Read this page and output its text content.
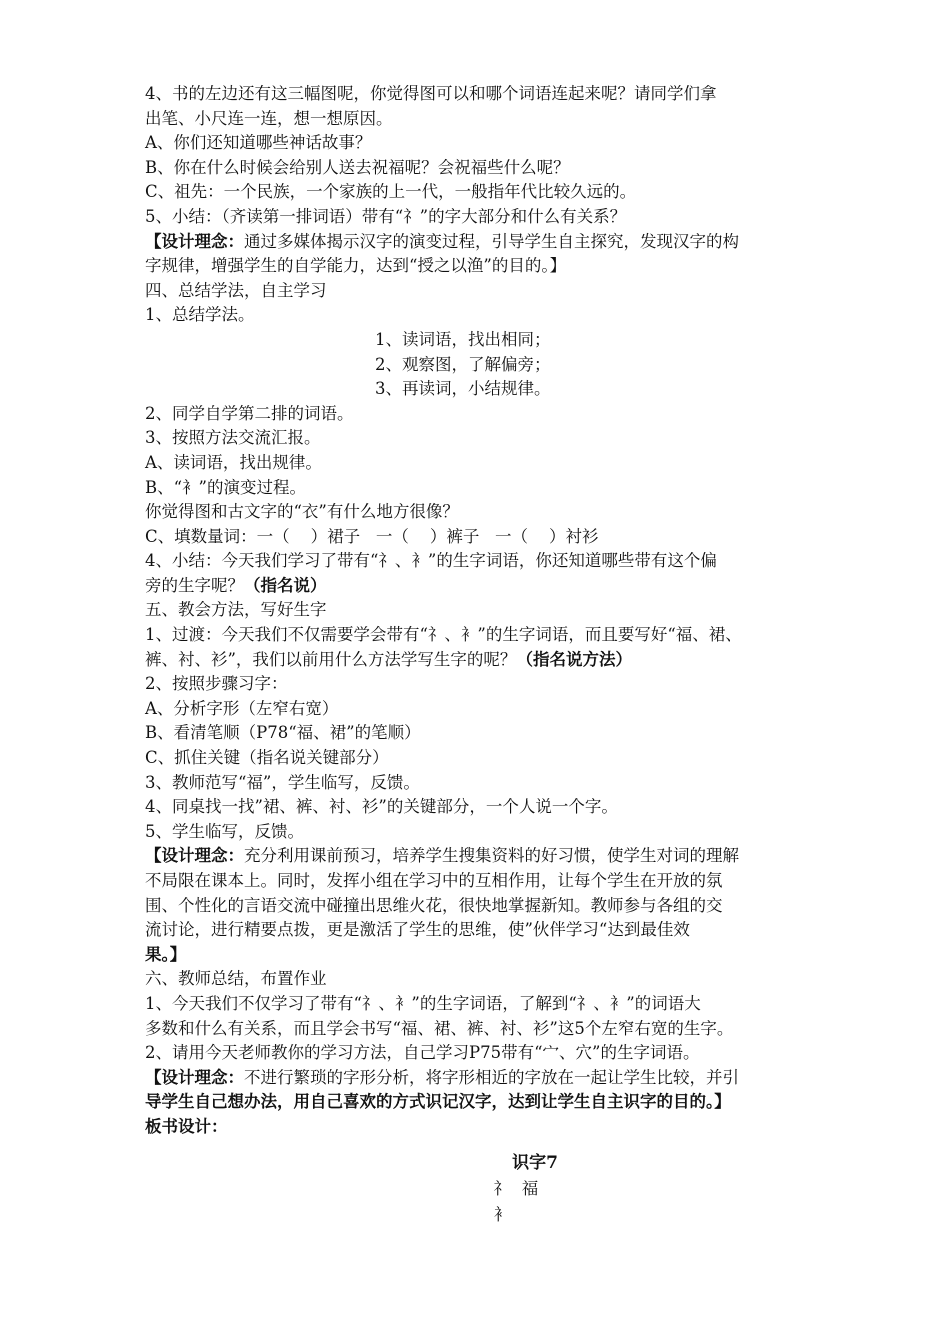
4、书的左边还有这三幅图呢，你觉得图可以和哪个词语连起来呢？请同学们拿
出笔、小尺连一连，想一想原因。
A、你们还知道哪些神话故事？
B、你在什么时候会给别人送去祝福呢？会祝福些什么呢？
C、祖先：一个民族，一个家族的上一代，一般指年代比较久远的。
5、小结：（齐读第一排词语）带有“礻”的字大部分和什么有关系？
【设计理念：通过多媒体揭示汉字的演变过程，引导学生自主探究，发现汉字的构
字规律，增强学生的自学能力，达到“授之以渔”的目的。】
四、总结学法，自主学习
1、总结学法。
1、读词语，找出相同；
2、观察图，了解偏旁；
3、再读词，小结规律。
2、同学自学第二排的词语。
3、按照方法交流汇报。
A、读词语，找出规律。
B、“衤”的演变过程。
你觉得图和古文字的“衣”有什么地方很像？
C、填数量词：一（    ）裙子   一（    ）裤子   一（    ）衬衫
4、小结：今天我们学习了带有“礻、衤”的生字词语，你还知道哪些带有这个偏
旁的生字呢？（指名说）
五、教会方法，写好生字
1、过渡：今天我们不仅需要学会带有“礻、衤”的生字词语，而且要写好“福、裙、
裤、衬、衫”，我们以前用什么方法学写生字的呢？（指名说方法）
2、按照步骤习字：
A、分析字形（左窄右宽）
B、看清笔顺（P78“福、裙”的笔顺）
C、抓住关键（指名说关键部分）
3、教师范写“福”，学生临写，反馈。
4、同桌找一找”裙、裤、衬、衫”的关键部分，一个人说一个字。
5、学生临写，反馈。
【设计理念：充分利用课前预习，培养学生搜集资料的好习惯，使学生对词的理解
不局限在课本上。同时，发挥小组在学习中的互相作用，让每个学生在开放的氛
围、个性化的言语交流中碰撞出思维火花，很快地掌握新知。教师参与各组的交
流讨论，进行精要点拨，更是激活了学生的思维，使”伙伴学习“达到最佳效
果。】
六、教师总结，布置作业
1、今天我们不仅学习了带有“礻、衤”的生字词语，了解到“礻、衤”的词语大
多数和什么有关系，而且学会书写“福、裙、裤、衬、衫”这5个左窄右宽的生字。
2、请用今天老师教你的学习方法，自己学习P75带有“宀、穴”的生字词语。
【设计理念：不进行繁琐的字形分析，将字形相近的字放在一起让学生比较，并引
导学生自己想办法，用自己喜欢的方式识记汉字，达到让学生自主识字的目的。】
板书设计：
识字7
礻 福
衤
